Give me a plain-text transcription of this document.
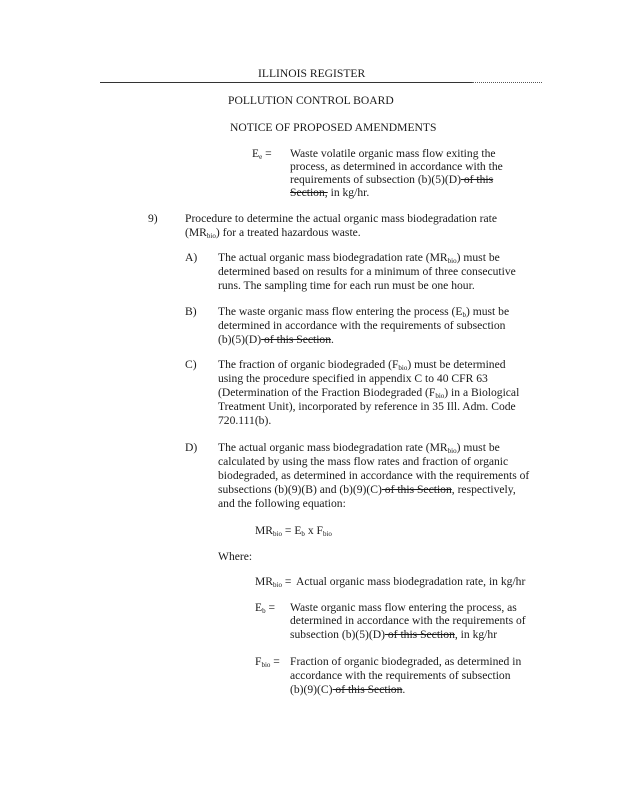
ILLINOIS REGISTER
POLLUTION CONTROL BOARD
NOTICE OF PROPOSED AMENDMENTS
$E_e$ = Waste volatile organic mass flow exiting the
process, as determined in accordance with the
requirements of subsection (b)(5)(D) of this
Section, in kg/hr.
9) Procedure to determine the actual organic mass biodegradation rate
$(MR_{bio})$ for a treated hazardous waste.
A) The actual organic mass biodegradation rate $(MR_{bio})$ must be
determined based on results for a minimum of three consecutive
runs. The sampling time for each run must be one hour.
B) The waste organic mass flow entering the process $(E_b)$ must be
determined in accordance with the requirements of subsection
(b)(5)(D) of this Section.
C) The fraction of organic biodegraded $(F_{bio})$ must be determined
using the procedure specified in appendix C to 40 CFR 63
(Determination of the Fraction Biodegraded $(F_{bio})$ in a Biological
Treatment Unit), incorporated by reference in 35 Ill. Adm. Code
720.111(b).
D) The actual organic mass biodegradation rate $(MR_{bio})$ must be
calculated by using the mass flow rates and fraction of organic
biodegraded, as determined in accordance with the requirements of
subsections (b)(9)(B) and (b)(9)(C) of this Section, respectively,
and the following equation:
$MR_{bio} = E_b$ x $F_{bio}$
Where:
$MR_{bio}$ = Actual organic mass biodegradation rate, in kg/hr
$E_b$ = Waste organic mass flow entering the process, as
determined in accordance with the requirements of
subsection (b)(5)(D) of this Section, in kg/hr
$F_{bio}$ = Fraction of organic biodegraded, as determined in
accordance with the requirements of subsection
(b)(9)(C) of this Section.
